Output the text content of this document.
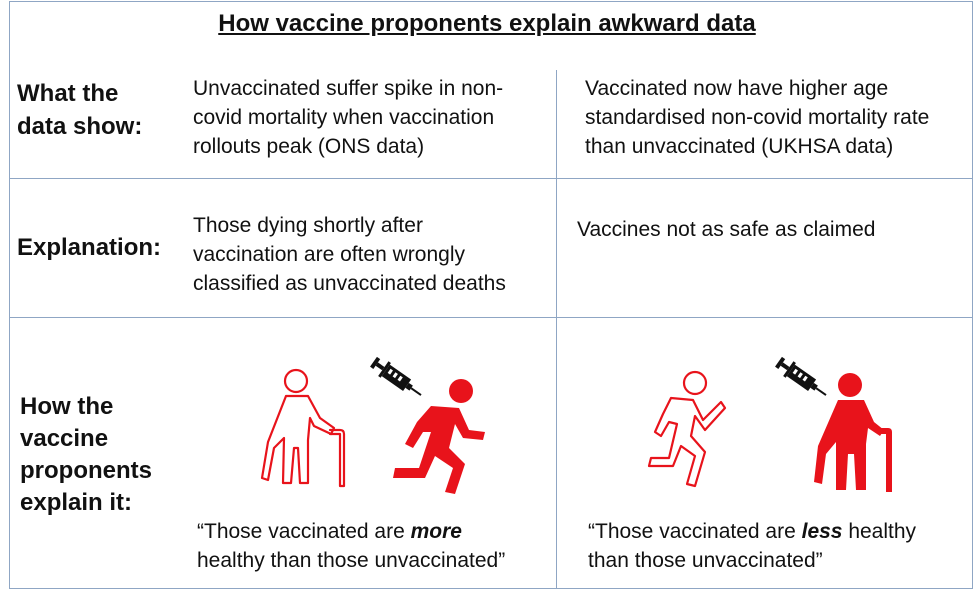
How vaccine proponents explain awkward data
What the
data show:
Unvaccinated suffer spike in non-
covid mortality when vaccination
rollouts peak (ONS data)
Vaccinated now have higher age
standardised non-covid mortality rate
than unvaccinated (UKHSA data)
Explanation:
Those dying shortly after
vaccination are often wrongly
classified as unvaccinated deaths
Vaccines not as safe as claimed
How the
vaccine
proponents
explain it:
“Those vaccinated are more
healthy than those unvaccinated”
“Those vaccinated are less healthy
than those unvaccinated”
